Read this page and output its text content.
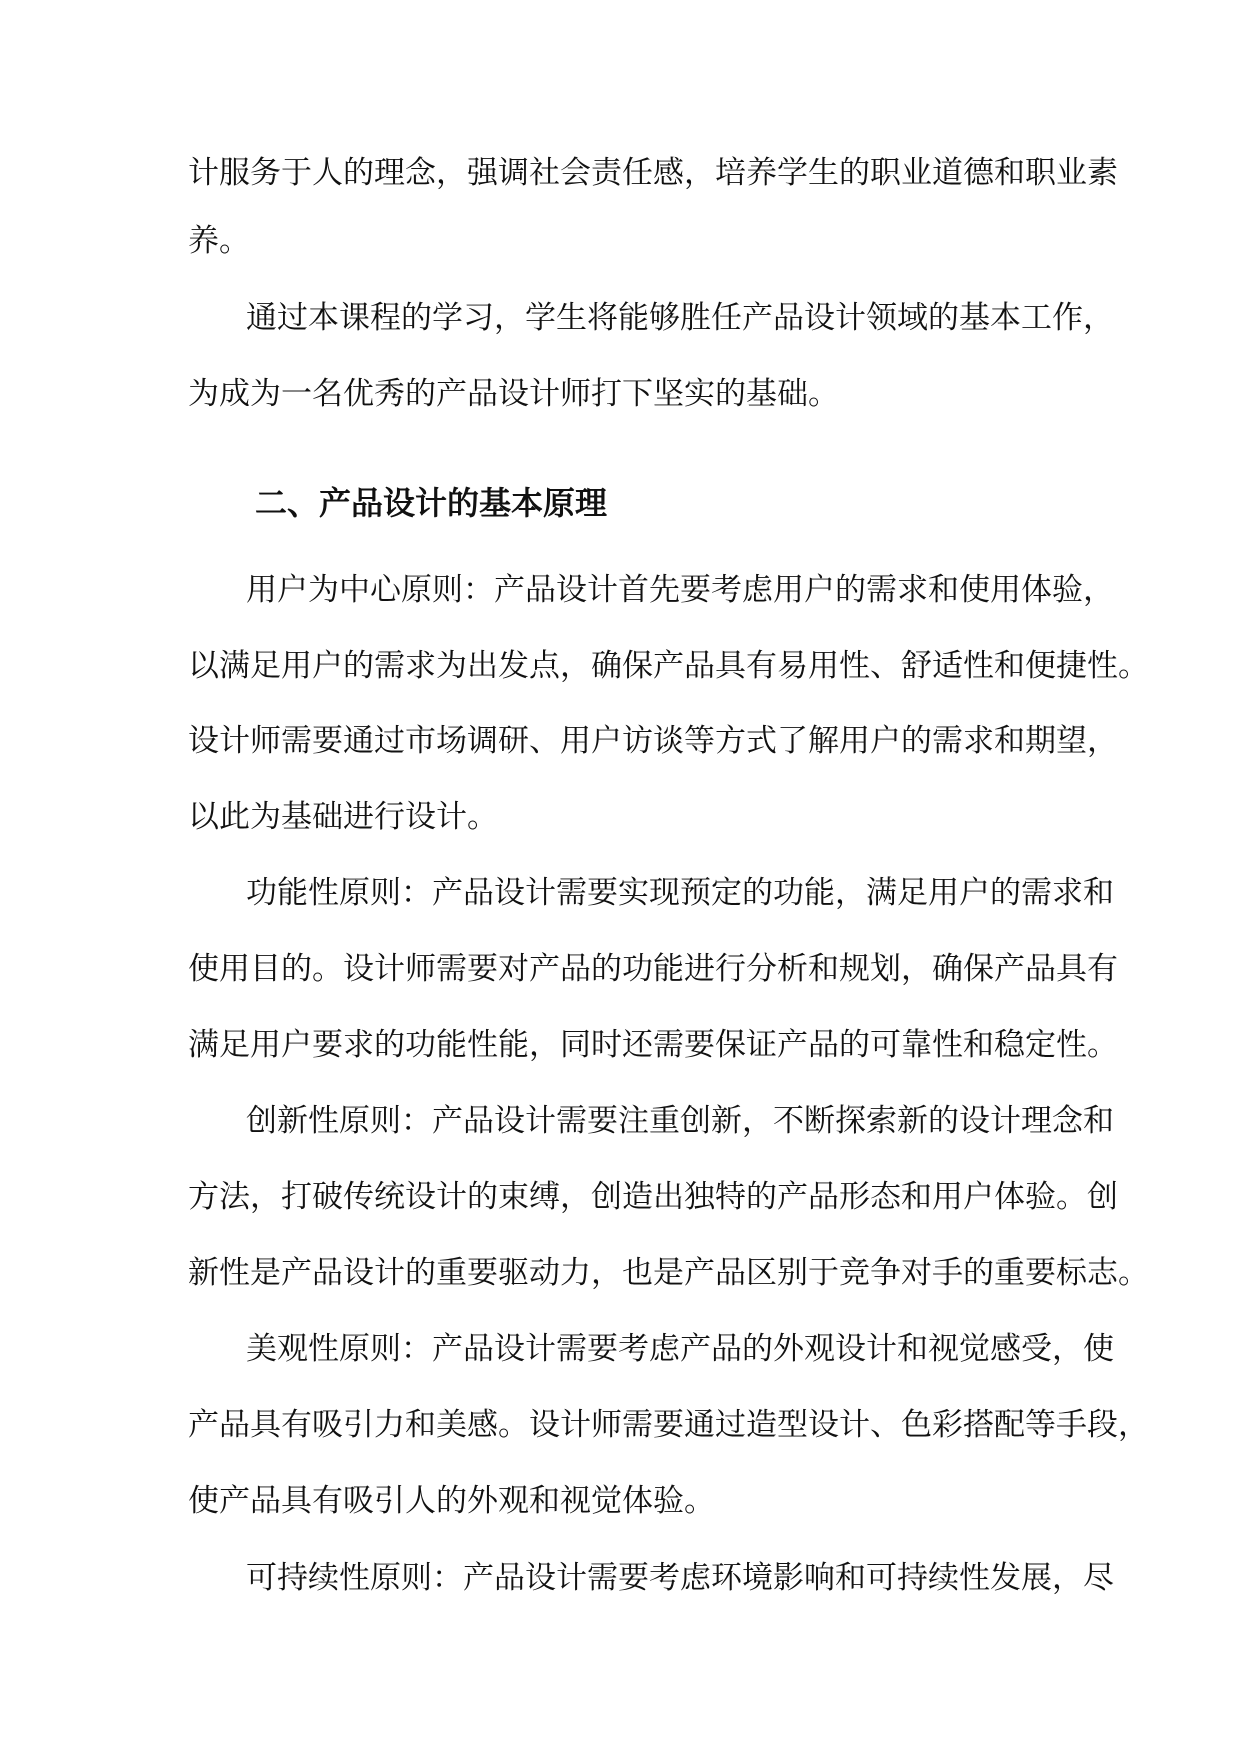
计服务于人的理念，强调社会责任感，培养学生的职业道德和职业素
养。
通过本课程的学习，学生将能够胜任产品设计领域的基本工作，
为成为一名优秀的产品设计师打下坚实的基础。
二、产品设计的基本原理
用户为中心原则：产品设计首先要考虑用户的需求和使用体验，
以满足用户的需求为出发点，确保产品具有易用性、舒适性和便捷性。
设计师需要通过市场调研、用户访谈等方式了解用户的需求和期望，
以此为基础进行设计。
功能性原则：产品设计需要实现预定的功能，满足用户的需求和
使用目的。设计师需要对产品的功能进行分析和规划，确保产品具有
满足用户要求的功能性能，同时还需要保证产品的可靠性和稳定性。
创新性原则：产品设计需要注重创新，不断探索新的设计理念和
方法，打破传统设计的束缚，创造出独特的产品形态和用户体验。创
新性是产品设计的重要驱动力，也是产品区别于竞争对手的重要标志。
美观性原则：产品设计需要考虑产品的外观设计和视觉感受，使
产品具有吸引力和美感。设计师需要通过造型设计、色彩搭配等手段，
使产品具有吸引人的外观和视觉体验。
可持续性原则：产品设计需要考虑环境影响和可持续性发展，尽
